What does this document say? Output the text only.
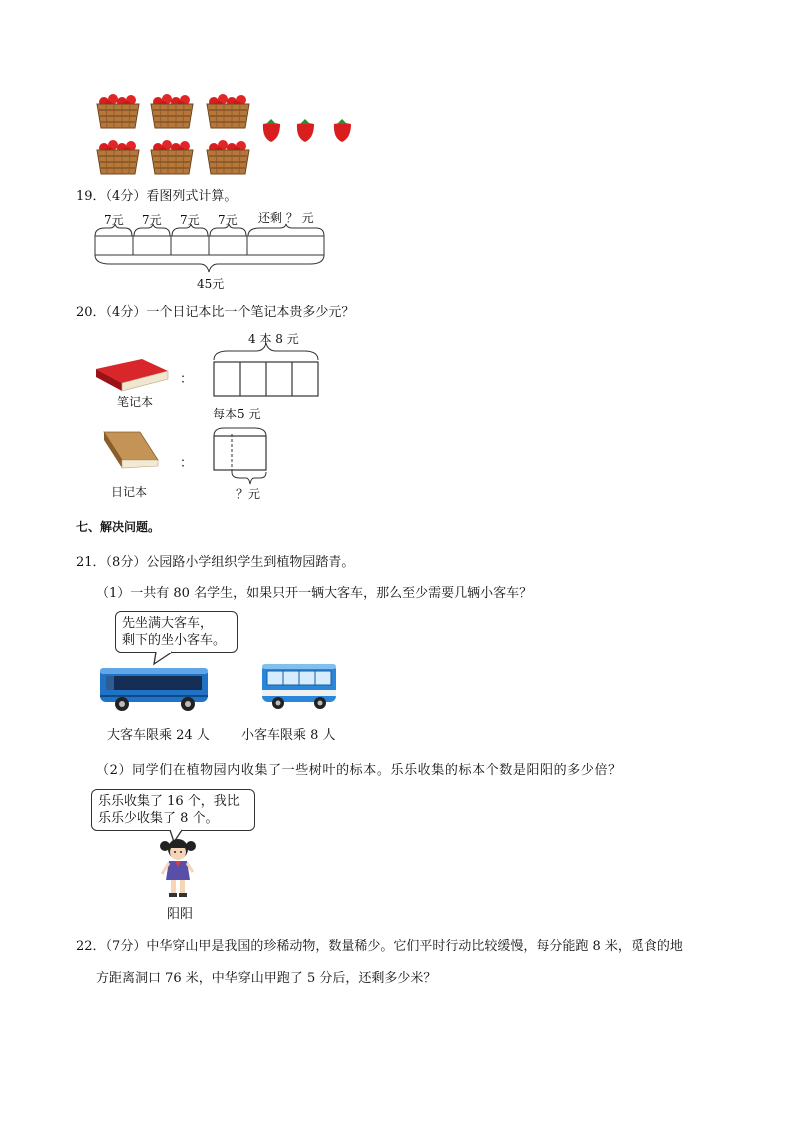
19．（4分）看图列式计算。
7元 7元 7元 7元 还剩 ？ 元
45元
20．（4分）一个日记本比一个笔记本贵多少元？
4 本 8 元
笔记本
：
每本5 元
日记本
：
？元
七、解决问题。
21．（8分）公园路小学组织学生到植物园踏青。
（1）一共有 80 名学生，如果只开一辆大客车，那么至少需要几辆小客车？
先坐满大客车，
剩下的坐小客车。
大客车限乘 24 人 小客车限乘 8 人
（2）同学们在植物园内收集了一些树叶的标本。乐乐收集的标本个数是阳阳的多少倍？
乐乐收集了 16 个，我比
乐乐少收集了 8 个。
阳阳
22．（7分）中华穿山甲是我国的珍稀动物，数量稀少。它们平时行动比较缓慢，每分能跑 8 米，觅食的地
方距离洞口 76 米，中华穿山甲跑了 5 分后，还剩多少米？
